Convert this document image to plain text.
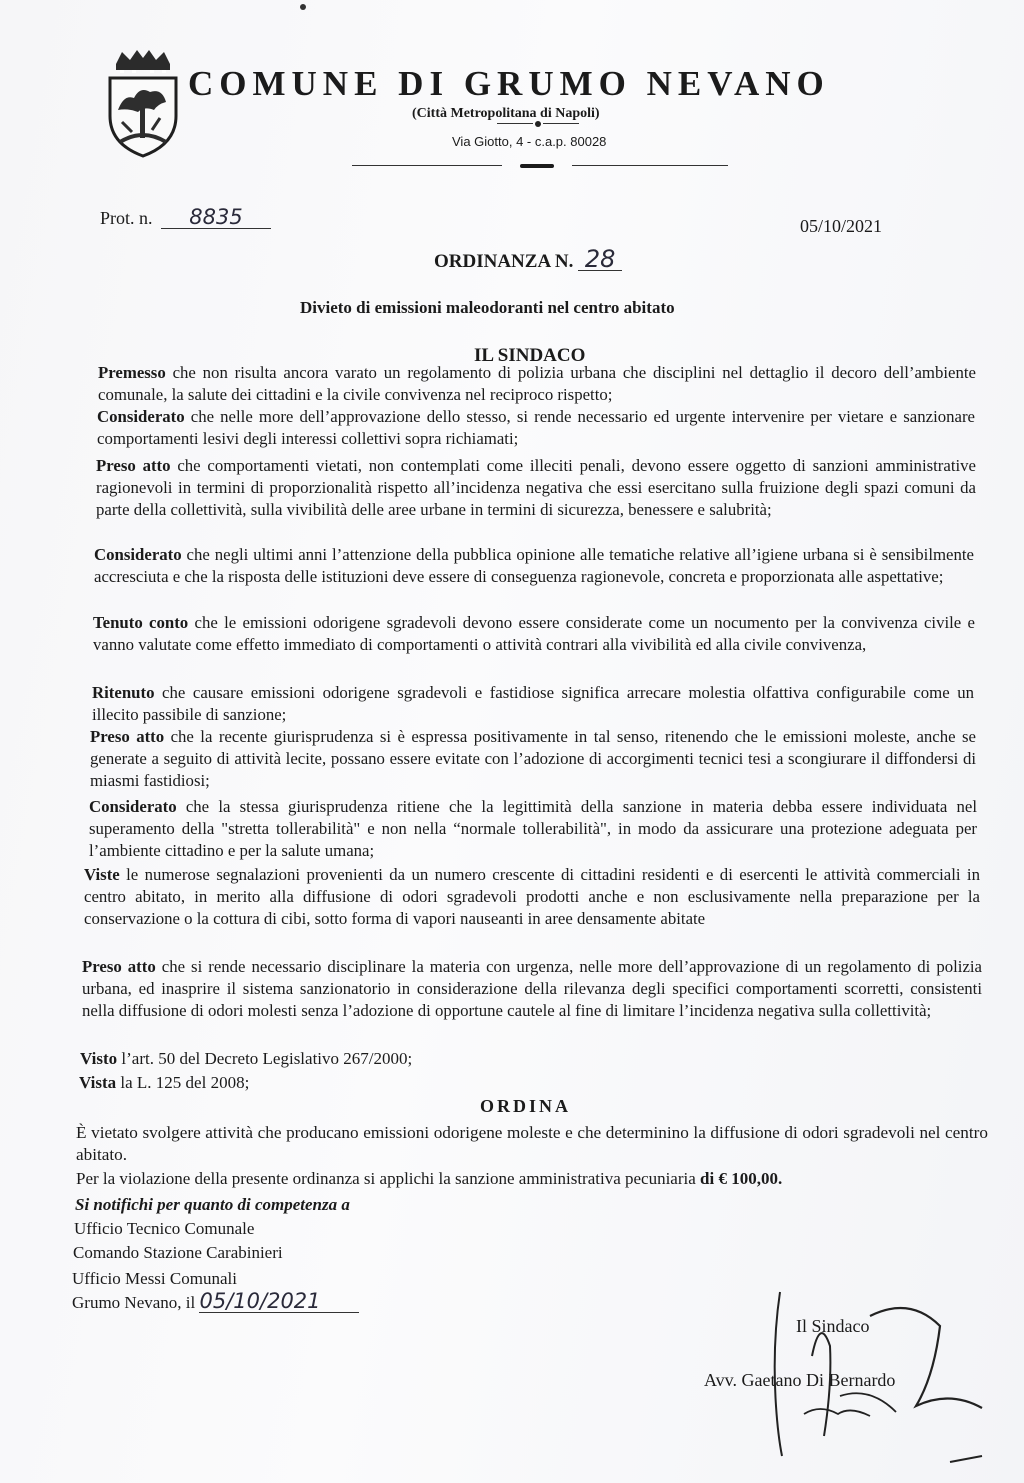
COMUNE DI GRUMO NEVANO
(Città Metropolitana di Napoli)
Via Giotto, 4 - c.a.p. 80028
Prot. n. 8835	05/10/2021
ORDINANZA N. 28
Divieto di emissioni maleodoranti nel centro abitato
IL SINDACO

Premesso che non risulta ancora varato un regolamento di polizia urbana che disciplini nel dettaglio il decoro dell’ambiente comunale, la salute dei cittadini e la civile convivenza nel reciproco rispetto;

Considerato che nelle more dell’approvazione dello stesso, si rende necessario ed urgente intervenire per vietare e sanzionare comportamenti lesivi degli interessi collettivi sopra richiamati;

Preso atto che comportamenti vietati, non contemplati come illeciti penali, devono essere oggetto di sanzioni amministrative ragionevoli in termini di proporzionalità rispetto all’incidenza negativa che essi esercitano sulla fruizione degli spazi comuni da parte della collettività, sulla vivibilità delle aree urbane in termini di sicurezza, benessere e salubrità;

Considerato che negli ultimi anni l’attenzione della pubblica opinione alle tematiche relative all’igiene urbana si è sensibilmente accresciuta e che la risposta delle istituzioni deve essere di conseguenza ragionevole, concreta e proporzionata alle aspettative;

Tenuto conto che le emissioni odorigene sgradevoli devono essere considerate come un nocumento per la convivenza civile e vanno valutate come effetto immediato di comportamenti o attività contrari alla vivibilità ed alla civile convivenza,

Ritenuto che causare emissioni odorigene sgradevoli e fastidiose significa arrecare molestia olfattiva configurabile come un illecito passibile di sanzione;

Preso atto che la recente giurisprudenza si è espressa positivamente in tal senso, ritenendo che le emissioni moleste, anche se generate a seguito di attività lecite, possano essere evitate con l’adozione di accorgimenti tecnici tesi a scongiurare il diffondersi di miasmi fastidiosi;

Considerato che la stessa giurisprudenza ritiene che la legittimità della sanzione in materia debba essere individuata nel superamento della "stretta tollerabilità" e non nella “normale tollerabilità", in modo da assicurare una protezione adeguata per l’ambiente cittadino e per la salute umana;

Viste le numerose segnalazioni provenienti da un numero crescente di cittadini residenti e di esercenti le attività commerciali in centro abitato, in merito alla diffusione di odori sgradevoli prodotti anche e non esclusivamente nella preparazione per la conservazione o la cottura di cibi, sotto forma di vapori nauseanti in aree densamente abitate

Preso atto che si rende necessario disciplinare la materia con urgenza, nelle more dell’approvazione di un regolamento di polizia urbana, ed inasprire il sistema sanzionatorio in considerazione della rilevanza degli specifici comportamenti scorretti, consistenti nella diffusione di odori molesti senza l’adozione di opportune cautele al fine di limitare l’incidenza negativa sulla collettività;

Visto l’art. 50 del Decreto Legislativo 267/2000;

Vista la L. 125 del 2008;

ORDINA

È vietato svolgere attività che producano emissioni odorigene moleste e che determinino la diffusione di odori sgradevoli nel centro abitato.

Per la violazione della presente ordinanza si applichi la sanzione amministrativa pecuniaria di € 100,00.

Si notifichi per quanto di competenza a

Ufficio Tecnico Comunale

Comando Stazione Carabinieri

Ufficio Messi Comunali

Grumo Nevano, il 05/10/2021

Il Sindaco
Avv. Gaetano Di Bernardo
